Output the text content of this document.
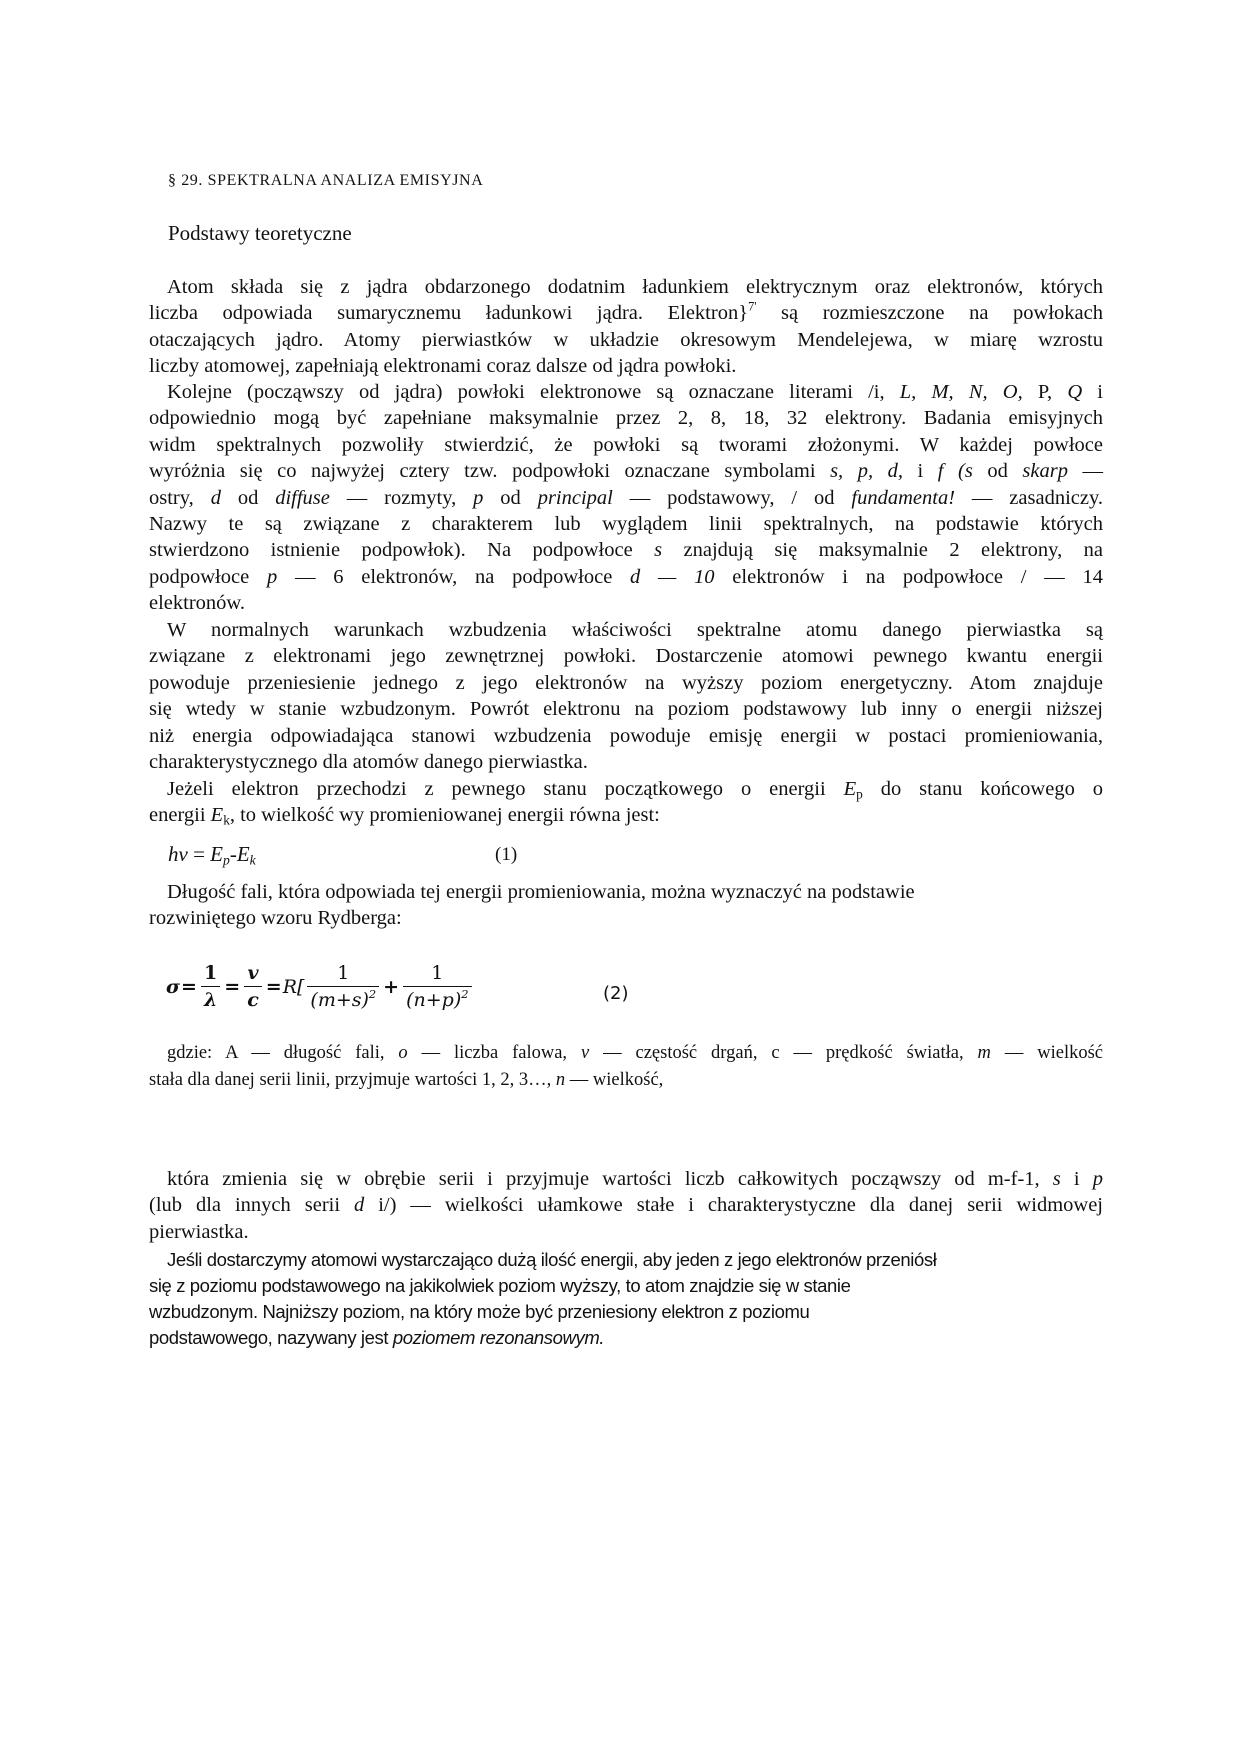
§ 29. SPEKTRALNA ANALIZA EMISYJNA
Podstawy teoretyczne
Atom składa się z jądra obdarzonego dodatnim ładunkiem elektrycznym oraz elektronów, których
liczba odpowiada sumarycznemu ładunkowi jądra. Elektron}$^{7'}$ są rozmieszczone na powłokach
otaczających jądro. Atomy pierwiastków w układzie okresowym Mendelejewa, w miarę wzrostu
liczby atomowej, zapełniają elektronami coraz dalsze od jądra powłoki.
Kolejne (począwszy od jądra) powłoki elektronowe są oznaczane literami /i, L, M, N, O, P, Q i
odpowiednio mogą być zapełniane maksymalnie przez 2, 8, 18, 32 elektrony. Badania emisyjnych
widm spektralnych pozwoliły stwierdzić, że powłoki są tworami złożonymi. W każdej powłoce
wyróżnia się co najwyżej cztery tzw. podpowłoki oznaczane symbolami s, p, d, i f (s od skarp —
ostry, d od diffuse — rozmyty, p od principal — podstawowy, / od fundamenta! — zasadniczy.
Nazwy te są związane z charakterem lub wyglądem linii spektralnych, na podstawie których
stwierdzono istnienie podpowłok). Na podpowłoce s znajdują się maksymalnie 2 elektrony, na
podpowłoce p — 6 elektronów, na podpowłoce d — 10 elektronów i na podpowłoce / — 14
elektronów.
W normalnych warunkach wzbudzenia właściwości spektralne atomu danego pierwiastka są
związane z elektronami jego zewnętrznej powłoki. Dostarczenie atomowi pewnego kwantu energii
powoduje przeniesienie jednego z jego elektronów na wyższy poziom energetyczny. Atom znajduje
się wtedy w stanie wzbudzonym. Powrót elektronu na poziom podstawowy lub inny o energii niższej
niż energia odpowiadająca stanowi wzbudzenia powoduje emisję energii w postaci promieniowania,
charakterystycznego dla atomów danego pierwiastka.
Jeżeli elektron przechodzi z pewnego stanu początkowego o energii $E_p$ do stanu końcowego o
energii $E_k$, to wielkość wy promieniowanej energii równa jest:
Długość fali, która odpowiada tej energii promieniowania, można wyznaczyć na podstawie
rozwiniętego wzoru Rydberga:
gdzie: A — długość fali, o — liczba falowa, v — częstość drgań, c — prędkość światła, m — wielkość
stała dla danej serii linii, przyjmuje wartości 1, 2, 3…, n — wielkość,
która zmienia się w obrębie serii i przyjmuje wartości liczb całkowitych począwszy od m-f-1, s i p
(lub dla innych serii d i/) — wielkości ułamkowe stałe i charakterystyczne dla danej serii widmowej
pierwiastka.
Jeśli dostarczymy atomowi wystarczająco dużą ilość energii, aby jeden z jego elektronów przeniósł
się z poziomu podstawowego na jakikolwiek poziom wyższy, to atom znajdzie się w stanie
wzbudzonym. Najniższy poziom, na który może być przeniesiony elektron z poziomu
podstawowego, nazywany jest poziomem rezonansowym.
hv = $E_p-E_k$	(1)
$\sigma = \frac{1}{\lambda} = \frac{v}{c} = R[ \frac{1}{(m+s)^2} + \frac{1}{(n+p)^2}$	(2)
